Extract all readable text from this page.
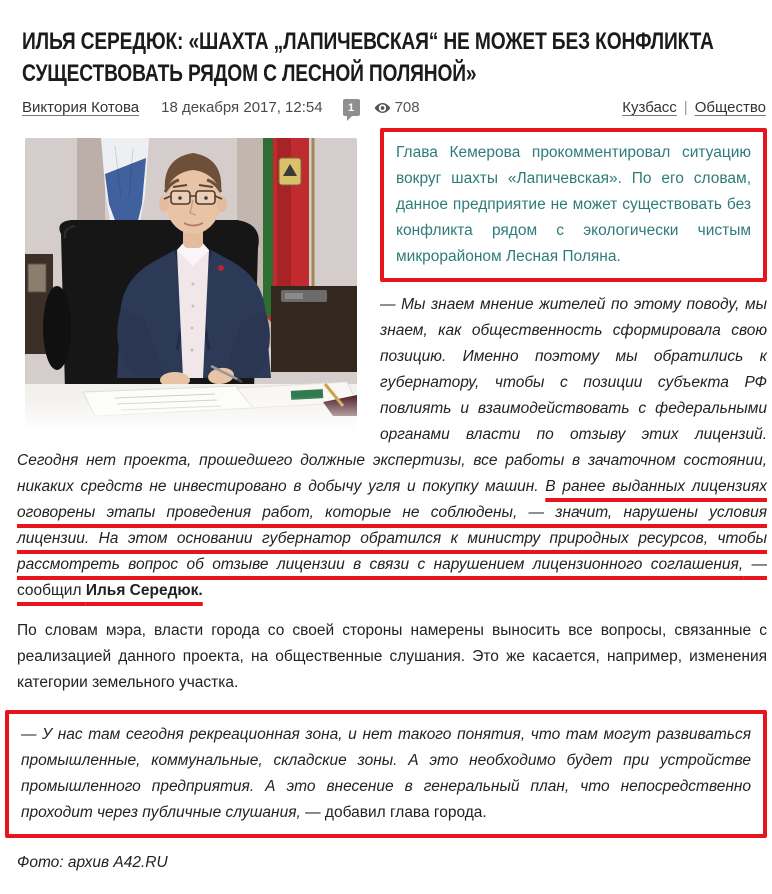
ИЛЬЯ СЕРЕДЮК: «ШАХТА „ЛАПИЧЕВСКАЯ“ НЕ МОЖЕТ БЕЗ КОНФЛИКТА СУЩЕСТВОВАТЬ РЯДОМ С ЛЕСНОЙ ПОЛЯНОЙ»
Виктория Котова 18 декабря 2017, 12:54 1	708	Кузбасс | Общество

Глава Кемерова прокомментировал ситуацию вокруг шахты «Лапичевская». По его словам, данное предприятие не может существовать без конфликта рядом с экологически чистым микрорайоном Лесная Поляна.

— Мы знаем мнение жителей по этому поводу, мы знаем, как общественность сформировала свою позицию. Именно поэтому мы обратились к губернатору, чтобы с позиции субъекта РФ повлиять и взаимодействовать с федеральными органами власти по отзыву этих лицензий. Сегодня нет проекта, прошедшего должные экспертизы, все работы в зачаточном состоянии, никаких средств не инвестировано в добычу угля и покупку машин. В ранее выданных лицензиях оговорены этапы проведения работ, которые не соблюдены, — значит, нарушены условия лицензии. На этом основании губернатор обратился к министру природных ресурсов, чтобы рассмотреть вопрос об отзыве лицензии в связи с нарушением лицензионного соглашения, — сообщил Илья Середюк.

По словам мэра, власти города со своей стороны намерены выносить все вопросы, связанные с реализацией данного проекта, на общественные слушания. Это же касается, например, изменения категории земельного участка.

— У нас там сегодня рекреационная зона, и нет такого понятия, что там могут развиваться промышленные, коммунальные, складские зоны. А это необходимо будет при устройстве промышленного предприятия. А это внесение в генеральный план, что непосредственно проходит через публичные слушания, — добавил глава города.

Фото: архив A42.RU
